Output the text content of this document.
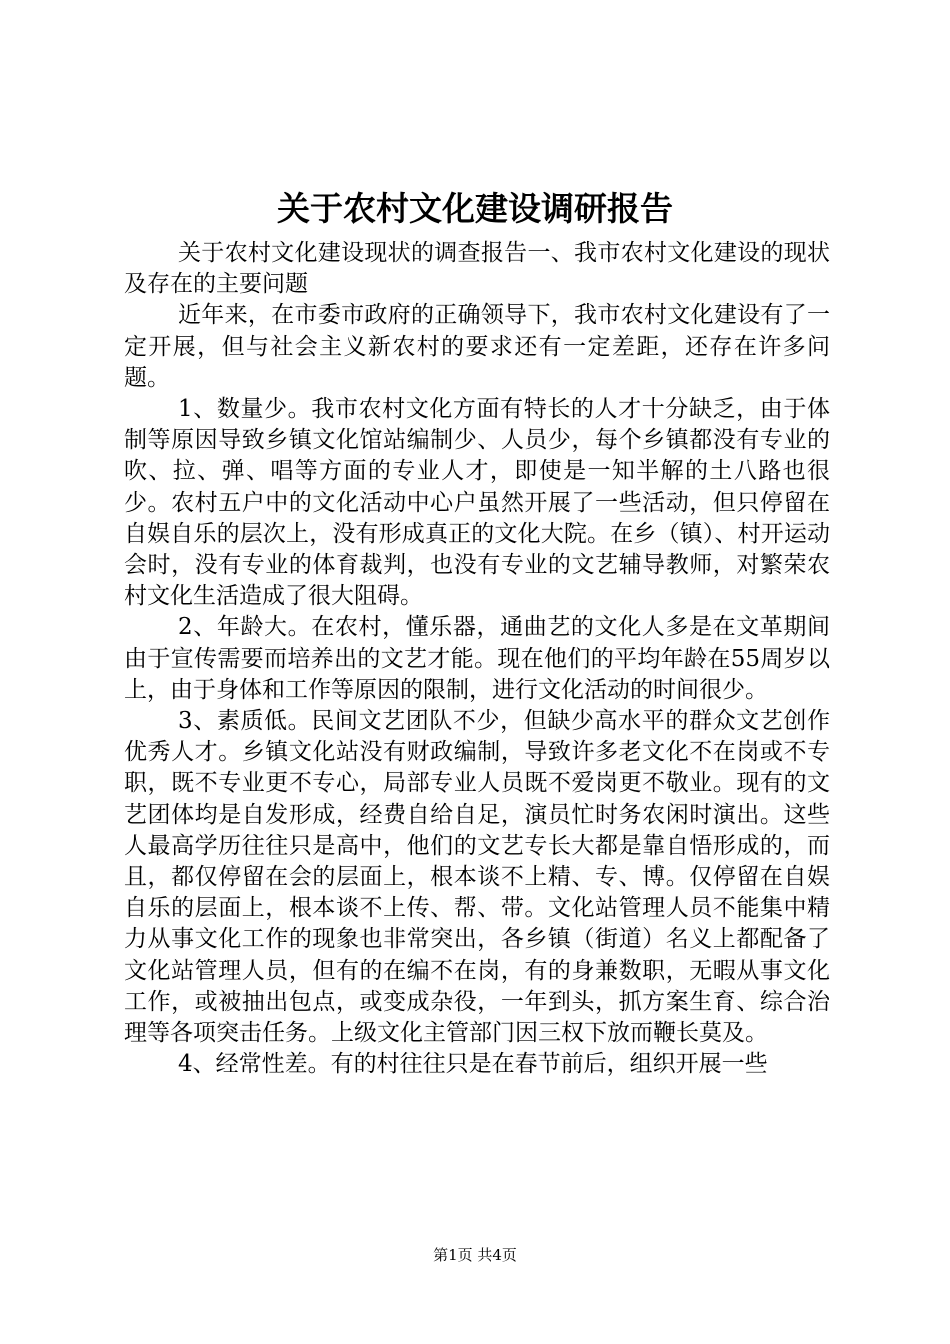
关于农村文化建设调研报告

关于农村文化建设现状的调查报告一、我市农村文化建设的现状及存在的主要问题

近年来，在市委市政府的正确领导下，我市农村文化建设有了一定开展，但与社会主义新农村的要求还有一定差距，还存在许多问题。

1、数量少。我市农村文化方面有特长的人才十分缺乏，由于体制等原因导致乡镇文化馆站编制少、人员少，每个乡镇都没有专业的吹、拉、弹、唱等方面的专业人才，即使是一知半解的土八路也很少。农村五户中的文化活动中心户虽然开展了一些活动，但只停留在自娱自乐的层次上，没有形成真正的文化大院。在乡（镇）、村开运动会时，没有专业的体育裁判，也没有专业的文艺辅导教师，对繁荣农村文化生活造成了很大阻碍。

2、年龄大。在农村，懂乐器，通曲艺的文化人多是在文革期间由于宣传需要而培养出的文艺才能。现在他们的平均年龄在55周岁以上，由于身体和工作等原因的限制，进行文化活动的时间很少。

3、素质低。民间文艺团队不少，但缺少高水平的群众文艺创作优秀人才。乡镇文化站没有财政编制，导致许多老文化不在岗或不专职，既不专业更不专心，局部专业人员既不爱岗更不敬业。现有的文艺团体均是自发形成，经费自给自足，演员忙时务农闲时演出。这些人最高学历往往只是高中，他们的文艺专长大都是靠自悟形成的，而且，都仅停留在会的层面上，根本谈不上精、专、博。仅停留在自娱自乐的层面上，根本谈不上传、帮、带。文化站管理人员不能集中精力从事文化工作的现象也非常突出，各乡镇（街道）名义上都配备了文化站管理人员，但有的在编不在岗，有的身兼数职，无暇从事文化工作，或被抽出包点，或变成杂役，一年到头，抓方案生育、综合治理等各项突击任务。上级文化主管部门因三权下放而鞭长莫及。

4、经常性差。有的村往往只是在春节前后，组织开展一些

第1页 共4页
